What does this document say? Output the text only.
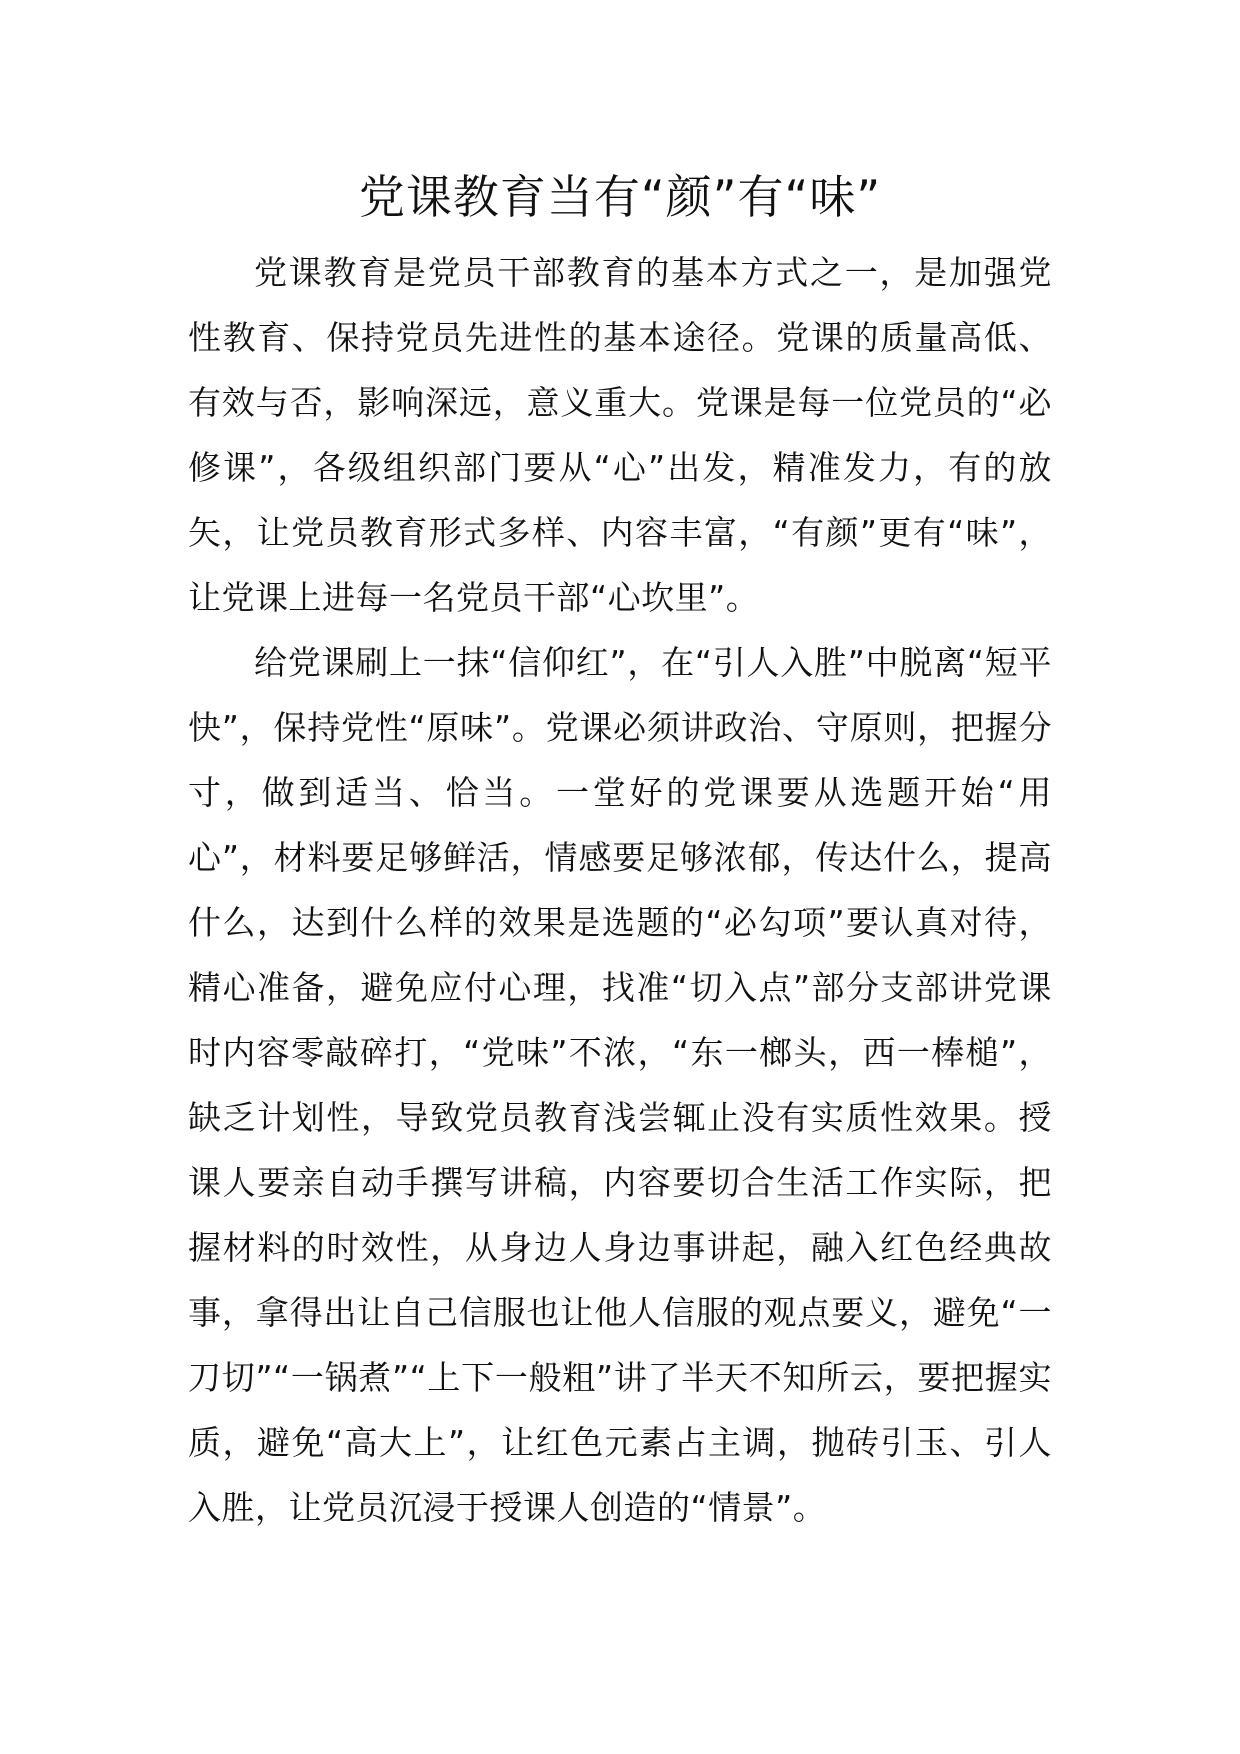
党课教育当有“颜”有“味”

党课教育是党员干部教育的基本方式之一，是加强党性教育、保持党员先进性的基本途径。党课的质量高低、有效与否，影响深远，意义重大。党课是每一位党员的“必修课”，各级组织部门要从“心”出发，精准发力，有的放矢，让党员教育形式多样、内容丰富，“有颜”更有“味”，让党课上进每一名党员干部“心坎里”。

给党课刷上一抹“信仰红”，在“引人入胜”中脱离“短平快”，保持党性“原味”。党课必须讲政治、守原则，把握分寸，做到适当、恰当。一堂好的党课要从选题开始“用心”，材料要足够鲜活，情感要足够浓郁，传达什么，提高什么，达到什么样的效果是选题的“必勾项”要认真对待，精心准备，避免应付心理，找准“切入点”部分支部讲党课时内容零敲碎打，“党味”不浓，“东一榔头，西一棒槌”，缺乏计划性，导致党员教育浅尝辄止没有实质性效果。授课人要亲自动手撰写讲稿，内容要切合生活工作实际，把握材料的时效性，从身边人身边事讲起，融入红色经典故事，拿得出让自己信服也让他人信服的观点要义，避免“一刀切”“一锅煮”“上下一般粗”讲了半天不知所云，要把握实质，避免“高大上”，让红色元素占主调，抛砖引玉、引人入胜，让党员沉浸于授课人创造的“情景”。
